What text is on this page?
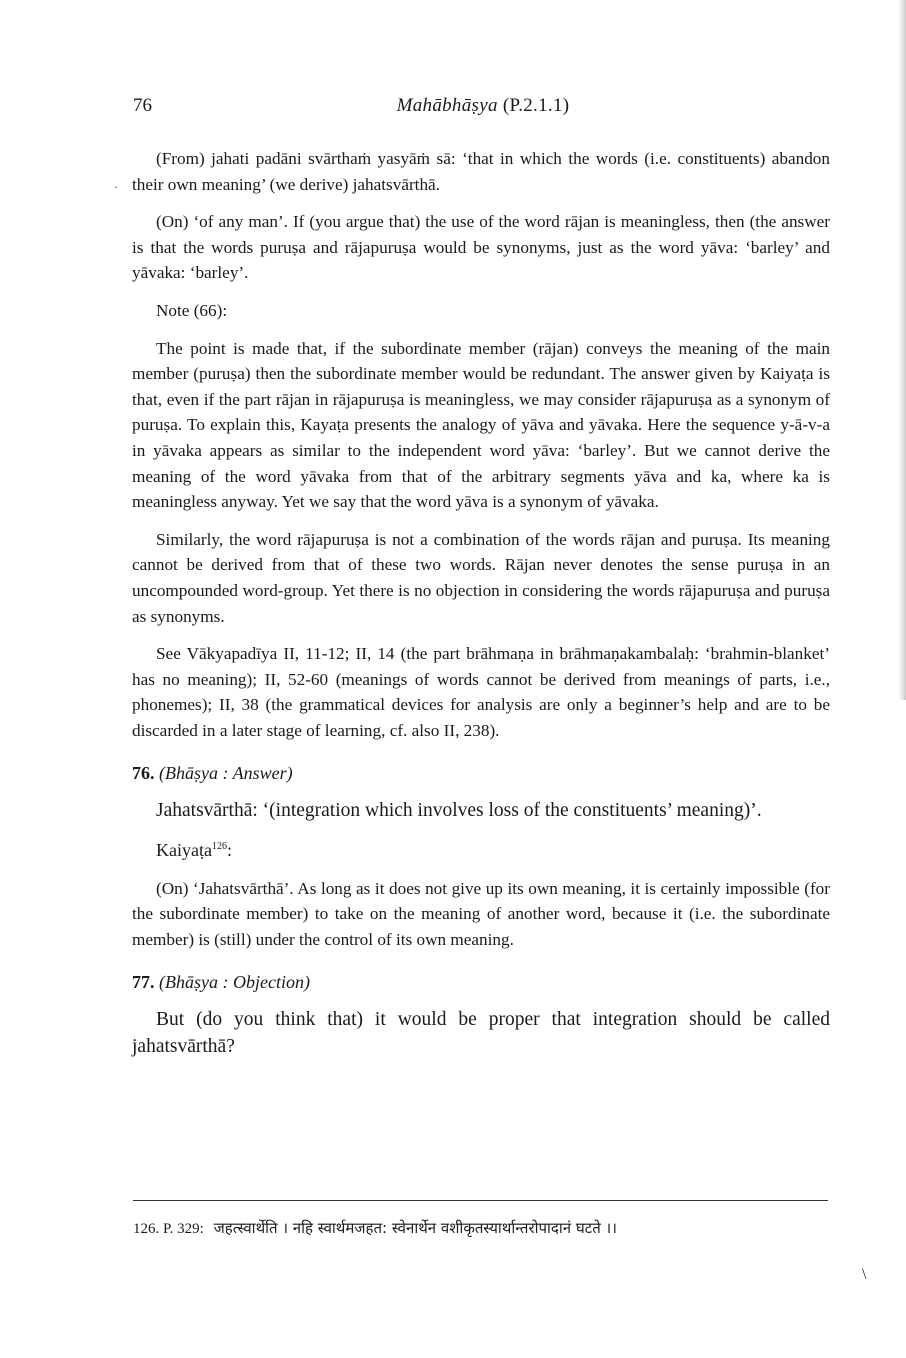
76	Mahābhāṣya (P.2.1.1)
·

(From) jahati padāni svārthaṁ yasyāṁ sā: ‘that in which the words (i.e. constituents) abandon their own meaning’ (we derive) jahatsvārthā.

(On) ‘of any man’. If (you argue that) the use of the word rājan is meaningless, then (the answer is that the words puruṣa and rājapuruṣa would be synonyms, just as the word yāva: ‘barley’ and yāvaka: ‘barley’.

Note (66):

The point is made that, if the subordinate member (rājan) conveys the meaning of the main member (puruṣa) then the subordinate member would be redundant. The answer given by Kaiyaṭa is that, even if the part rājan in rājapuruṣa is meaningless, we may consider rājapuruṣa as a synonym of puruṣa. To explain this, Kayaṭa presents the analogy of yāva and yāvaka. Here the sequence y-ā-v-a in yāvaka appears as similar to the independent word yāva: ‘barley’. But we cannot derive the meaning of the word yāvaka from that of the arbitrary segments yāva and ka, where ka is meaningless anyway. Yet we say that the word yāva is a synonym of yāvaka.

Similarly, the word rājapuruṣa is not a combination of the words rājan and puruṣa. Its meaning cannot be derived from that of these two words. Rājan never denotes the sense puruṣa in an uncompounded word-group. Yet there is no objection in considering the words rājapuruṣa and puruṣa as synonyms.

See Vākyapadīya II, 11-12; II, 14 (the part brāhmaṇa in brāhmaṇakambalaḥ: ‘brahmin-blanket’ has no meaning); II, 52-60 (meanings of words cannot be derived from meanings of parts, i.e., phonemes); II, 38 (the grammatical devices for analysis are only a beginner’s help and are to be discarded in a later stage of learning, cf. also II, 238).

76. (Bhāṣya : Answer)

Jahatsvārthā: ‘(integration which involves loss of the constituents’ meaning)’.

Kaiyaṭa$^{126}$:

(On) ‘Jahatsvārthā’. As long as it does not give up its own meaning, it is certainly impossible (for the subordinate member) to take on the meaning of another word, because it (i.e. the subordinate member) is (still) under the control of its own meaning.

77. (Bhāṣya : Objection)

But (do you think that) it would be proper that integration should be called jahatsvārthā?

126. P. 329: जहत्स्वार्थेति । नहि स्वार्थमजहत: स्वेनार्थेन वशीकृतस्यार्थान्तरोपादानं घटते ।।
\
